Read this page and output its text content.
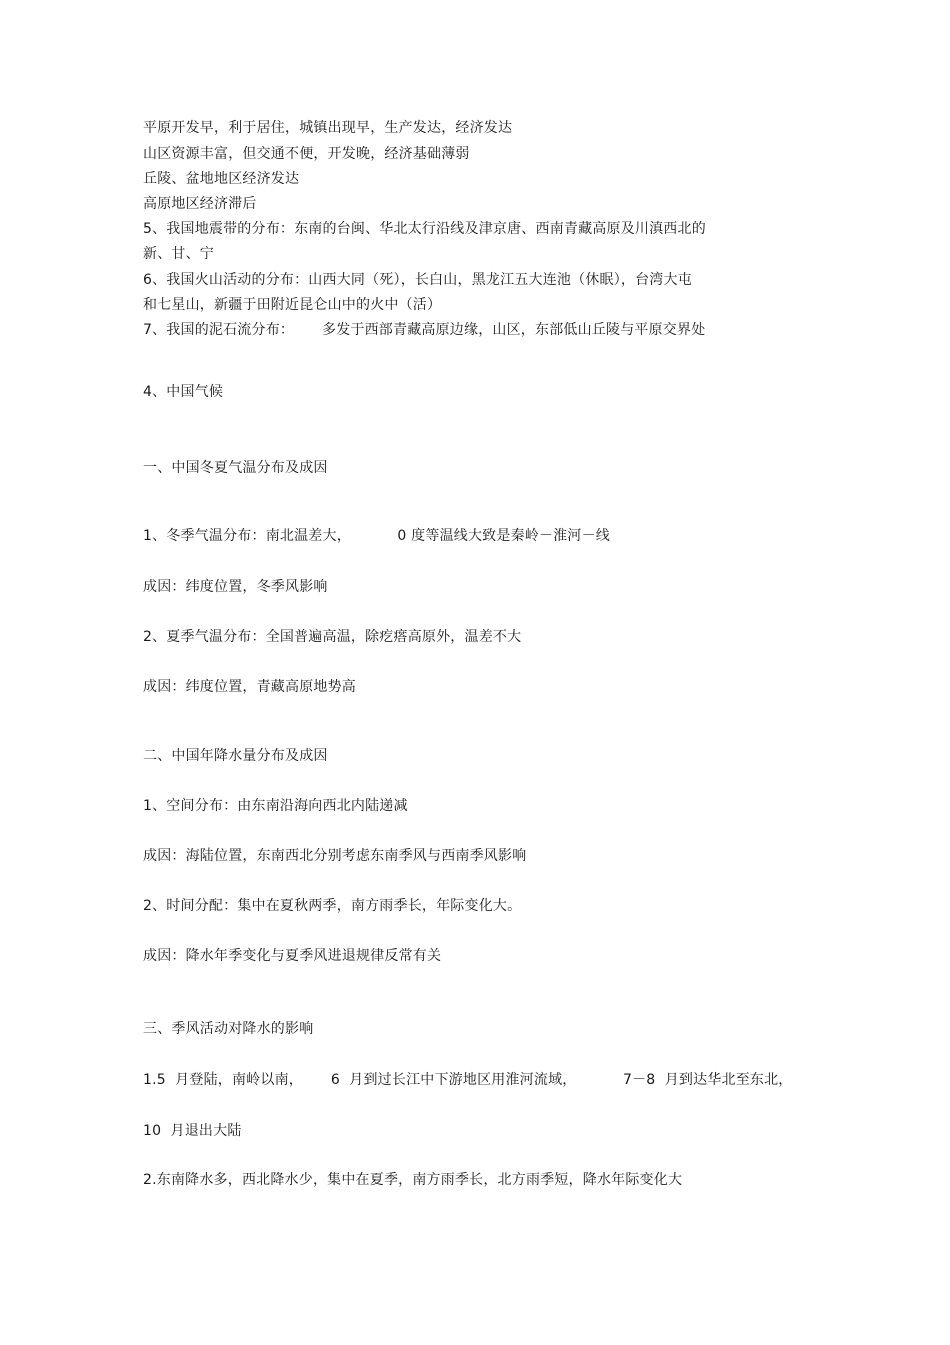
平原开发早，利于居住，城镇出现早，生产发达，经济发达
山区资源丰富，但交通不便，开发晚，经济基础薄弱
丘陵、盆地地区经济发达
高原地区经济滞后
5、我国地震带的分布：东南的台闽、华北太行沿线及津京唐、西南青藏高原及川滇西北的
新、甘、宁
6、我国火山活动的分布：山西大同（死），长白山，黑龙江五大连池（休眠），台湾大屯
和七星山，新疆于田附近昆仑山中的火中（活）
7、我国的泥石流分布：      多发于西部青藏高原边缘，山区，东部低山丘陵与平原交界处
4、中国气候
一、中国冬夏气温分布及成因
1、冬季气温分布：南北温差大，          0 度等温线大致是秦岭－淮河－线
成因：纬度位置，冬季风影响
2、夏季气温分布：全国普遍高温，除疙瘩高原外，温差不大
成因：纬度位置，青藏高原地势高
二、中国年降水量分布及成因
1、空间分布：由东南沿海向西北内陆递减
成因：海陆位置，东南西北分别考虑东南季风与西南季风影响
2、时间分配：集中在夏秋两季，南方雨季长，年际变化大。
成因：降水年季变化与夏季风进退规律反常有关
三、季风活动对降水的影响
1.5  月登陆，南岭以南，      6  月到过长江中下游地区用淮河流域，          7－8  月到达华北至东北，
10  月退出大陆
2.东南降水多，西北降水少，集中在夏季，南方雨季长，北方雨季短，降水年际变化大
